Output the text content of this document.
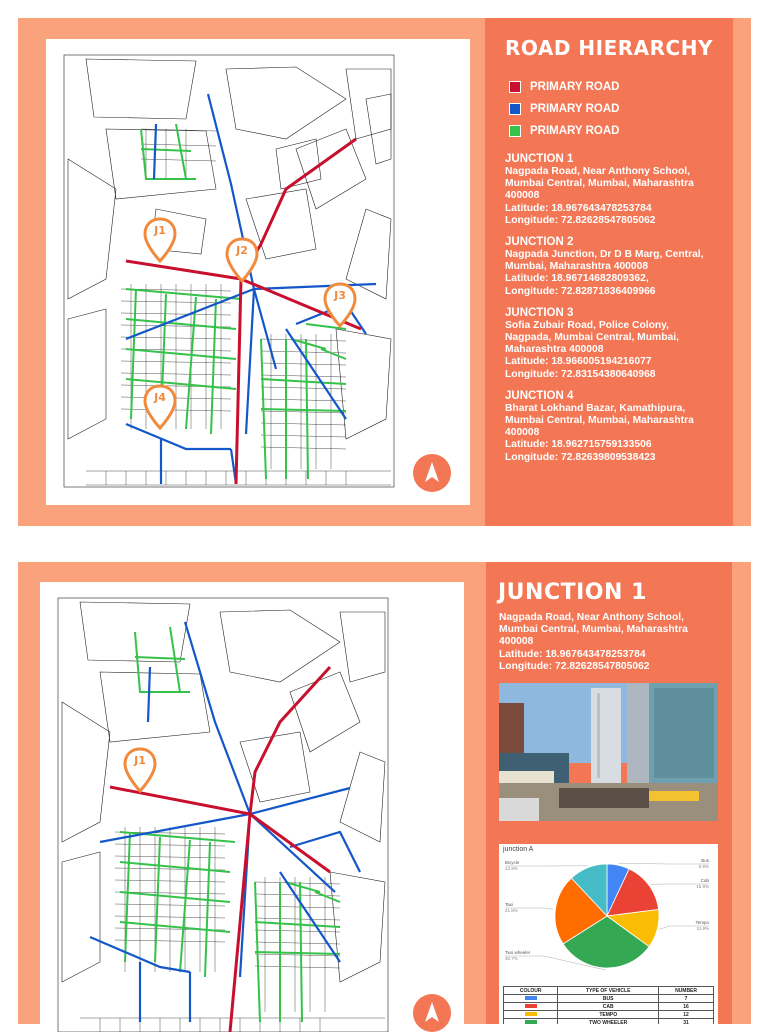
J1
J2
J3
J4
ROAD HIERARCHY
PRIMARY ROAD
PRIMARY ROAD
PRIMARY ROAD
JUNCTION 1
Nagpada Road, Near Anthony School,
Mumbai Central, Mumbai, Maharashtra
400008
Latitude: 18.967643478253784
Longitude: 72.82628547805062
JUNCTION 2
Nagpada Junction, Dr D B Marg, Central,
Mumbai, Maharashtra 400008
Latitude: 18.96714682809362,
Longitude: 72.82871836409966
JUNCTION 3
Sofia Zubair Road, Police Colony,
Nagpada, Mumbai Central, Mumbai,
Maharashtra 400008
Latitude: 18.966005194216077
Longitude: 72.83154380640968
JUNCTION 4
Bharat Lokhand Bazar, Kamathipura,
Mumbai Central, Mumbai, Maharashtra
400008
Latitude: 18.962715759133506
Longitude: 72.82639809538423
J1
JUNCTION 1
Nagpada Road, Near Anthony School,
Mumbai Central, Mumbai, Maharashtra
400008
Latitude: 18.967643478253784
Longitude: 72.82628547805062
junction A
Bus
6.9%
Cab
15.8%
Tempo
11.9%
Two wheeler
30.7%
Taxi
21.8%
Bicycle
12.9%
COLOUR	TYPE OF VEHICLE	NUMBER
	BUS	7
	CAB	16
	TEMPO	12
	TWO WHEELER	31
